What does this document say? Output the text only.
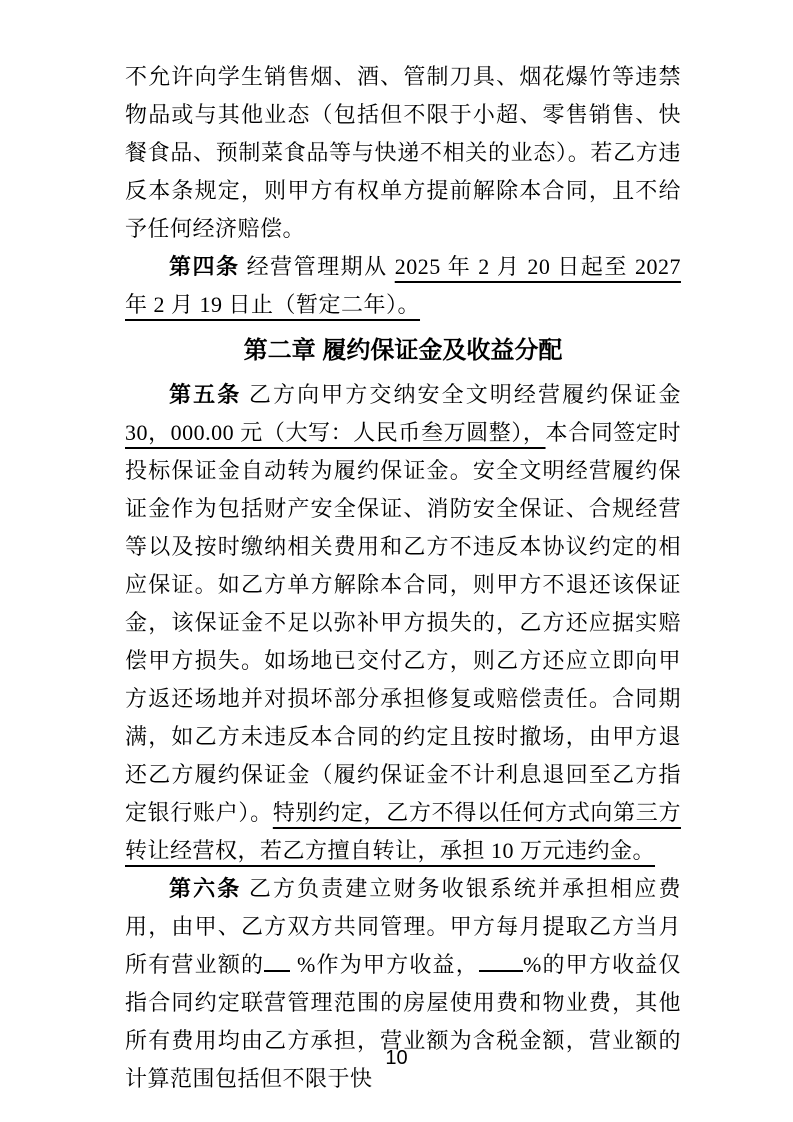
不允许向学生销售烟、酒、管制刀具、烟花爆竹等违禁物品或与其他业态（包括但不限于小超、零售销售、快餐食品、预制菜食品等与快递不相关的业态）。若乙方违反本条规定，则甲方有权单方提前解除本合同，且不给予任何经济赔偿。
第四条 经营管理期从 2025 年 2 月 20 日起至 2027 年 2 月 19 日止（暂定二年）。
第二章 履约保证金及收益分配
第五条 乙方向甲方交纳安全文明经营履约保证金30，000.00 元（大写：人民币叁万圆整），本合同签定时投标保证金自动转为履约保证金。安全文明经营履约保证金作为包括财产安全保证、消防安全保证、合规经营等以及按时缴纳相关费用和乙方不违反本协议约定的相应保证。如乙方单方解除本合同，则甲方不退还该保证金，该保证金不足以弥补甲方损失的，乙方还应据实赔偿甲方损失。如场地已交付乙方，则乙方还应立即向甲方返还场地并对损坏部分承担修复或赔偿责任。合同期满，如乙方未违反本合同的约定且按时撤场，由甲方退还乙方履约保证金（履约保证金不计利息退回至乙方指定银行账户）。特别约定，乙方不得以任何方式向第三方转让经营权，若乙方擅自转让，承担 10 万元违约金。
第六条 乙方负责建立财务收银系统并承担相应费用，由甲、乙方双方共同管理。甲方每月提取乙方当月所有营业额的 %作为甲方收益， %的甲方收益仅指合同约定联营管理范围的房屋使用费和物业费，其他所有费用均由乙方承担，营业额为含税金额，营业额的计算范围包括但不限于快
10
